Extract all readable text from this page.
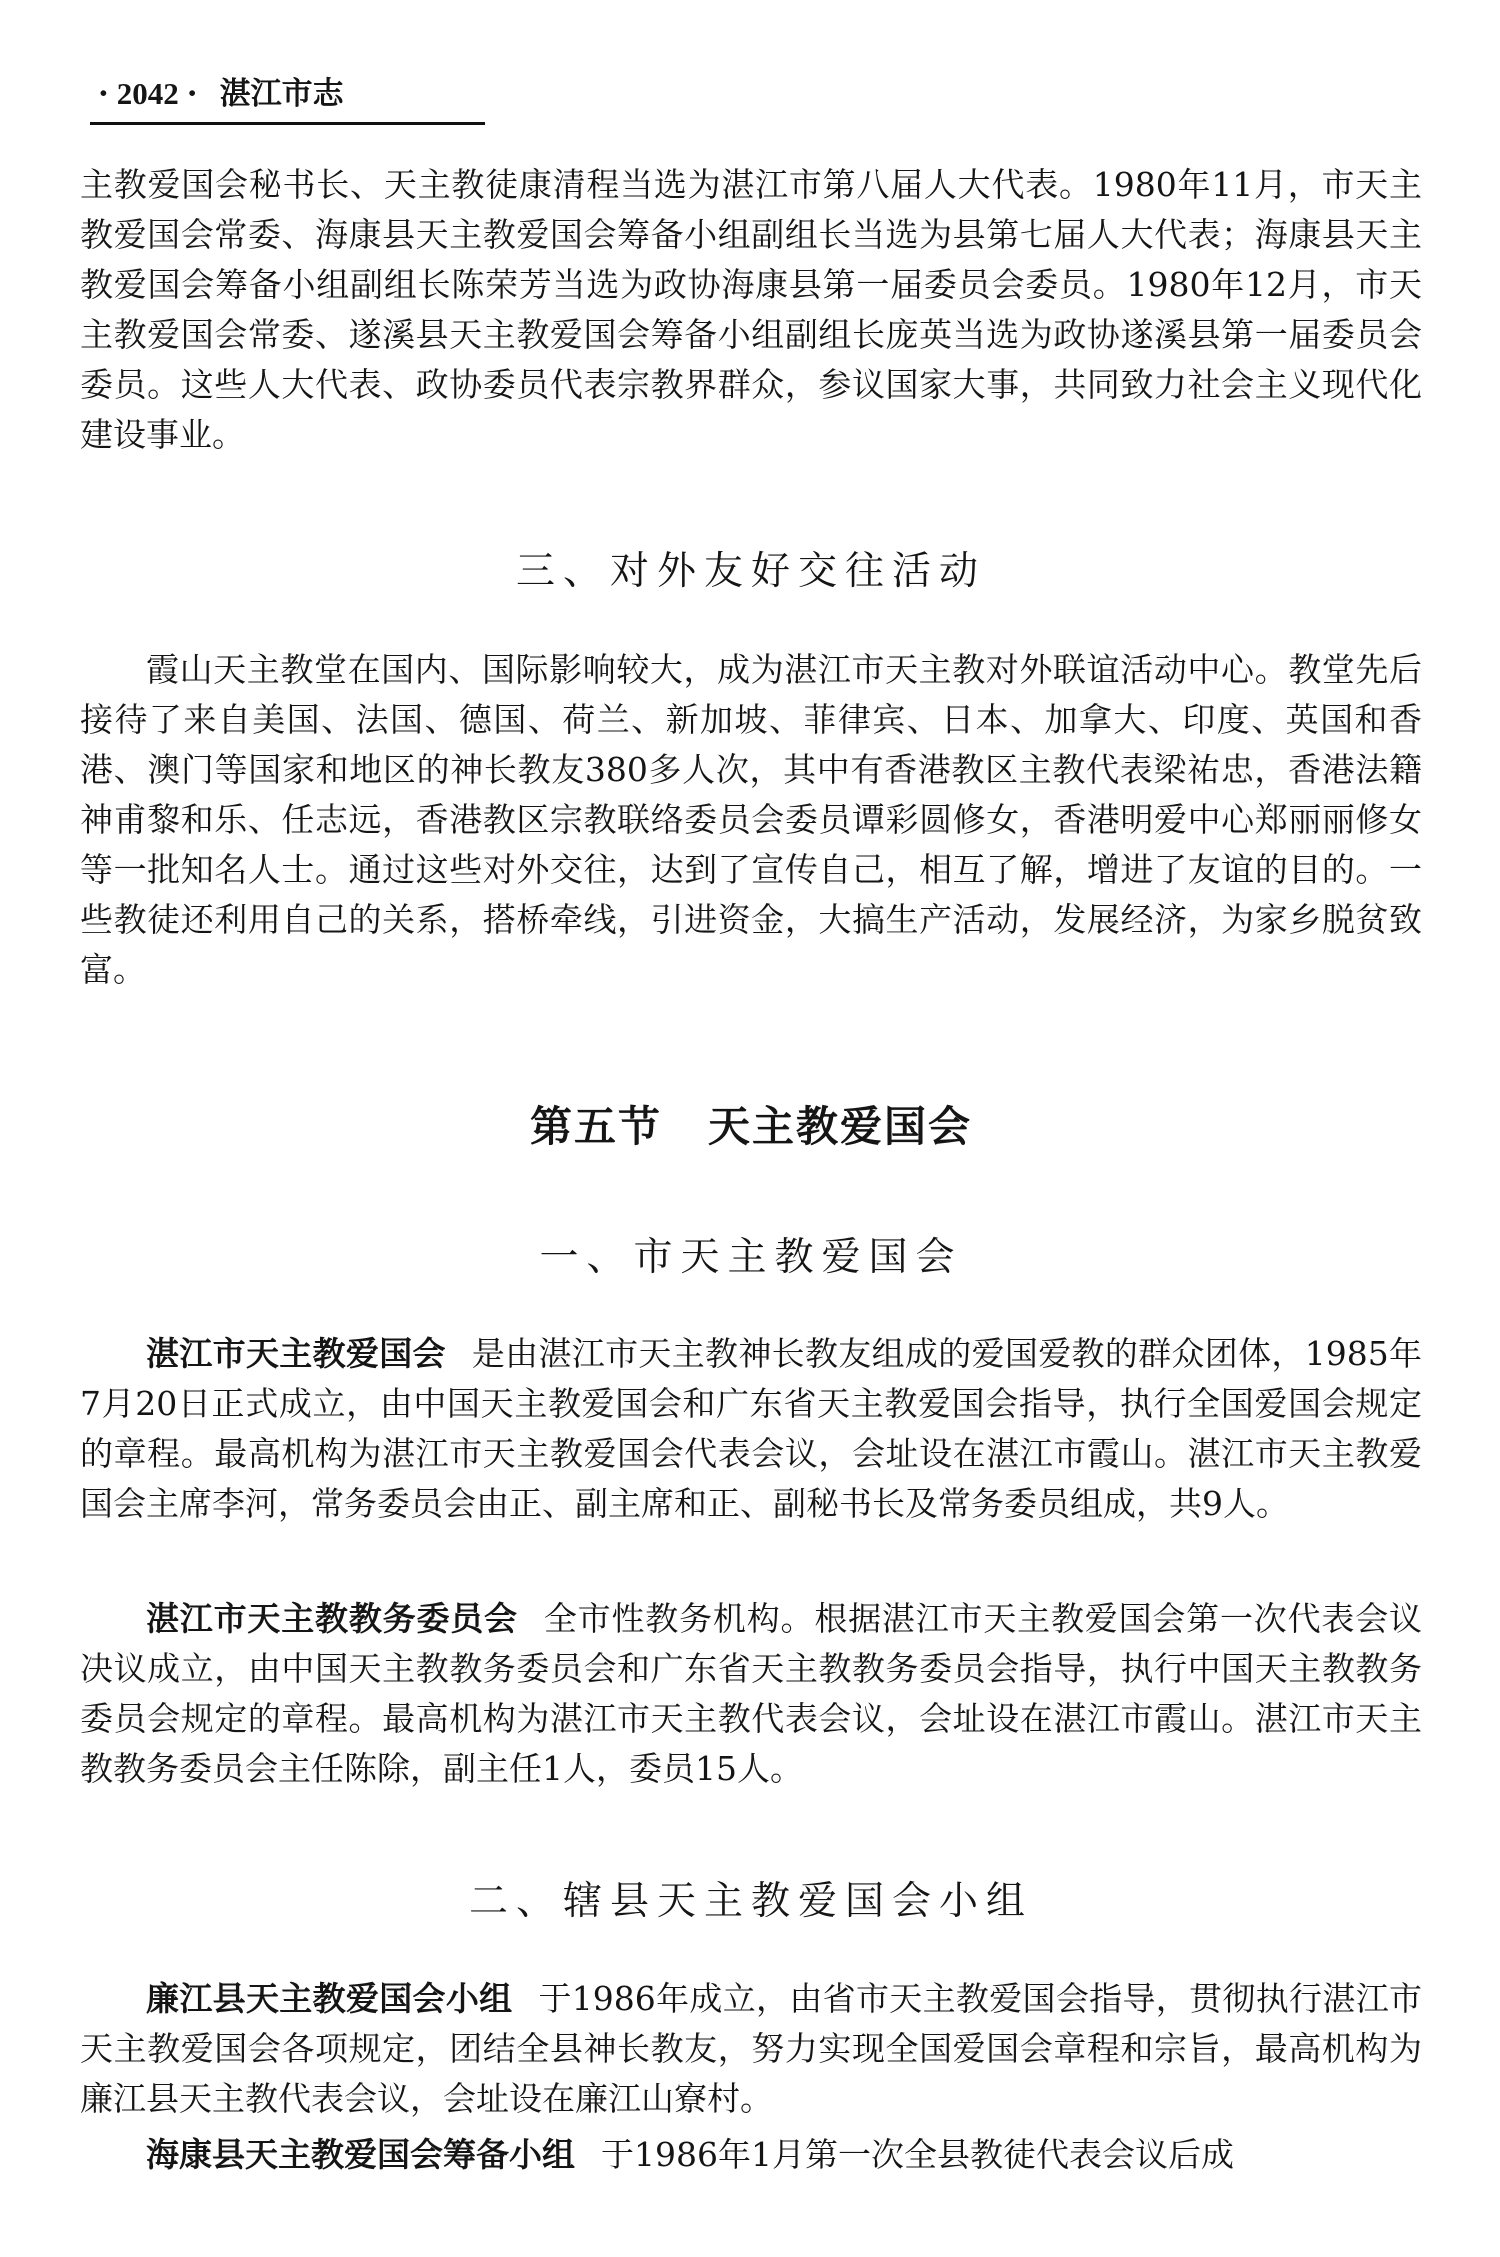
· 2042 · 湛江市志

主教爱国会秘书长、天主教徒康清程当选为湛江市第八届人大代表。1980年11月，市天主教爱国会常委、海康县天主教爱国会筹备小组副组长当选为县第七届人大代表；海康县天主教爱国会筹备小组副组长陈荣芳当选为政协海康县第一届委员会委员。1980年12月，市天主教爱国会常委、遂溪县天主教爱国会筹备小组副组长庞英当选为政协遂溪县第一届委员会委员。这些人大代表、政协委员代表宗教界群众，参议国家大事，共同致力社会主义现代化建设事业。

三、对外友好交往活动

霞山天主教堂在国内、国际影响较大，成为湛江市天主教对外联谊活动中心。教堂先后接待了来自美国、法国、德国、荷兰、新加坡、菲律宾、日本、加拿大、印度、英国和香港、澳门等国家和地区的神长教友380多人次，其中有香港教区主教代表梁祐忠，香港法籍神甫黎和乐、任志远，香港教区宗教联络委员会委员谭彩圆修女，香港明爱中心郑丽丽修女等一批知名人士。通过这些对外交往，达到了宣传自己，相互了解，增进了友谊的目的。一些教徒还利用自己的关系，搭桥牵线，引进资金，大搞生产活动，发展经济，为家乡脱贫致富。

第五节 天主教爱国会
一、市天主教爱国会

湛江市天主教爱国会 是由湛江市天主教神长教友组成的爱国爱教的群众团体，1985年7月20日正式成立，由中国天主教爱国会和广东省天主教爱国会指导，执行全国爱国会规定的章程。最高机构为湛江市天主教爱国会代表会议，会址设在湛江市霞山。湛江市天主教爱国会主席李河，常务委员会由正、副主席和正、副秘书长及常务委员组成，共9人。

湛江市天主教教务委员会 全市性教务机构。根据湛江市天主教爱国会第一次代表会议决议成立，由中国天主教教务委员会和广东省天主教教务委员会指导，执行中国天主教教务委员会规定的章程。最高机构为湛江市天主教代表会议，会址设在湛江市霞山。湛江市天主教教务委员会主任陈除，副主任1人，委员15人。

二、辖县天主教爱国会小组

廉江县天主教爱国会小组 于1986年成立，由省市天主教爱国会指导，贯彻执行湛江市天主教爱国会各项规定，团结全县神长教友，努力实现全国爱国会章程和宗旨，最高机构为廉江县天主教代表会议，会址设在廉江山寮村。

海康县天主教爱国会筹备小组 于1986年1月第一次全县教徒代表会议后成
